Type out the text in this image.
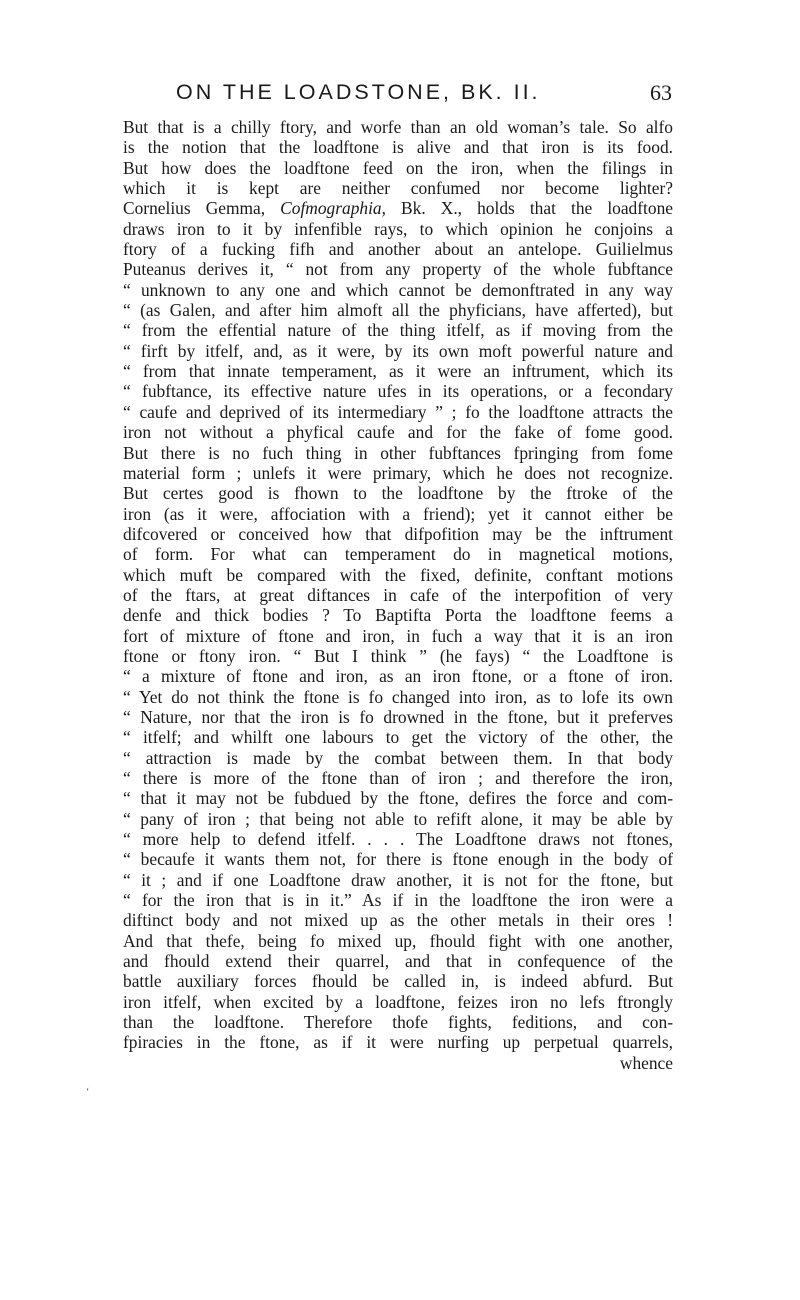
ON THE LOADSTONE, BK. II.	63
‘
But that is a chilly ftory, and worfe than an old woman’s tale. So alfo
is the notion that the loadftone is alive and that iron is its food.
But how does the loadftone feed on the iron, when the filings in
which it is kept are neither confumed nor become lighter?
Cornelius Gemma, Cofmographia, Bk. X., holds that the loadftone
draws iron to it by infenfible rays, to which opinion he conjoins a
ftory of a fucking fifh and another about an antelope. Guilielmus
Puteanus derives it, “ not from any property of the whole fubftance
“ unknown to any one and which cannot be demonftrated in any way
“ (as Galen, and after him almoft all the phyficians, have afferted), but
“ from the effential nature of the thing itfelf, as if moving from the
“ firft by itfelf, and, as it were, by its own moft powerful nature and
“ from that innate temperament, as it were an inftrument, which its
“ fubftance, its effective nature ufes in its operations, or a fecondary
“ caufe and deprived of its intermediary ” ; fo the loadftone attracts the
iron not without a phyfical caufe and for the fake of fome good.
But there is no fuch thing in other fubftances fpringing from fome
material form ; unlefs it were primary, which he does not recognize.
But certes good is fhown to the loadftone by the ftroke of the
iron (as it were, affociation with a friend); yet it cannot either be
difcovered or conceived how that difpofition may be the inftrument
of form. For what can temperament do in magnetical motions,
which muft be compared with the fixed, definite, conftant motions
of the ftars, at great diftances in cafe of the interpofition of very
denfe and thick bodies ? To Baptifta Porta the loadftone feems a
fort of mixture of ftone and iron, in fuch a way that it is an iron
ftone or ftony iron. “ But I think ” (he fays) “ the Loadftone is
“ a mixture of ftone and iron, as an iron ftone, or a ftone of iron.
“ Yet do not think the ftone is fo changed into iron, as to lofe its own
“ Nature, nor that the iron is fo drowned in the ftone, but it preferves
“ itfelf; and whilft one labours to get the victory of the other, the
“ attraction is made by the combat between them. In that body
“ there is more of the ftone than of iron ; and therefore the iron,
“ that it may not be fubdued by the ftone, defires the force and com-
“ pany of iron ; that being not able to refift alone, it may be able by
“ more help to defend itfelf. . . . The Loadftone draws not ftones,
“ becaufe it wants them not, for there is ftone enough in the body of
“ it ; and if one Loadftone draw another, it is not for the ftone, but
“ for the iron that is in it.” As if in the loadftone the iron were a
diftinct body and not mixed up as the other metals in their ores !
And that thefe, being fo mixed up, fhould fight with one another,
and fhould extend their quarrel, and that in confequence of the
battle auxiliary forces fhould be called in, is indeed abfurd. But
iron itfelf, when excited by a loadftone, feizes iron no lefs ftrongly
than the loadftone. Therefore thofe fights, feditions, and con-
fpiracies in the ftone, as if it were nurfing up perpetual quarrels,
whence
